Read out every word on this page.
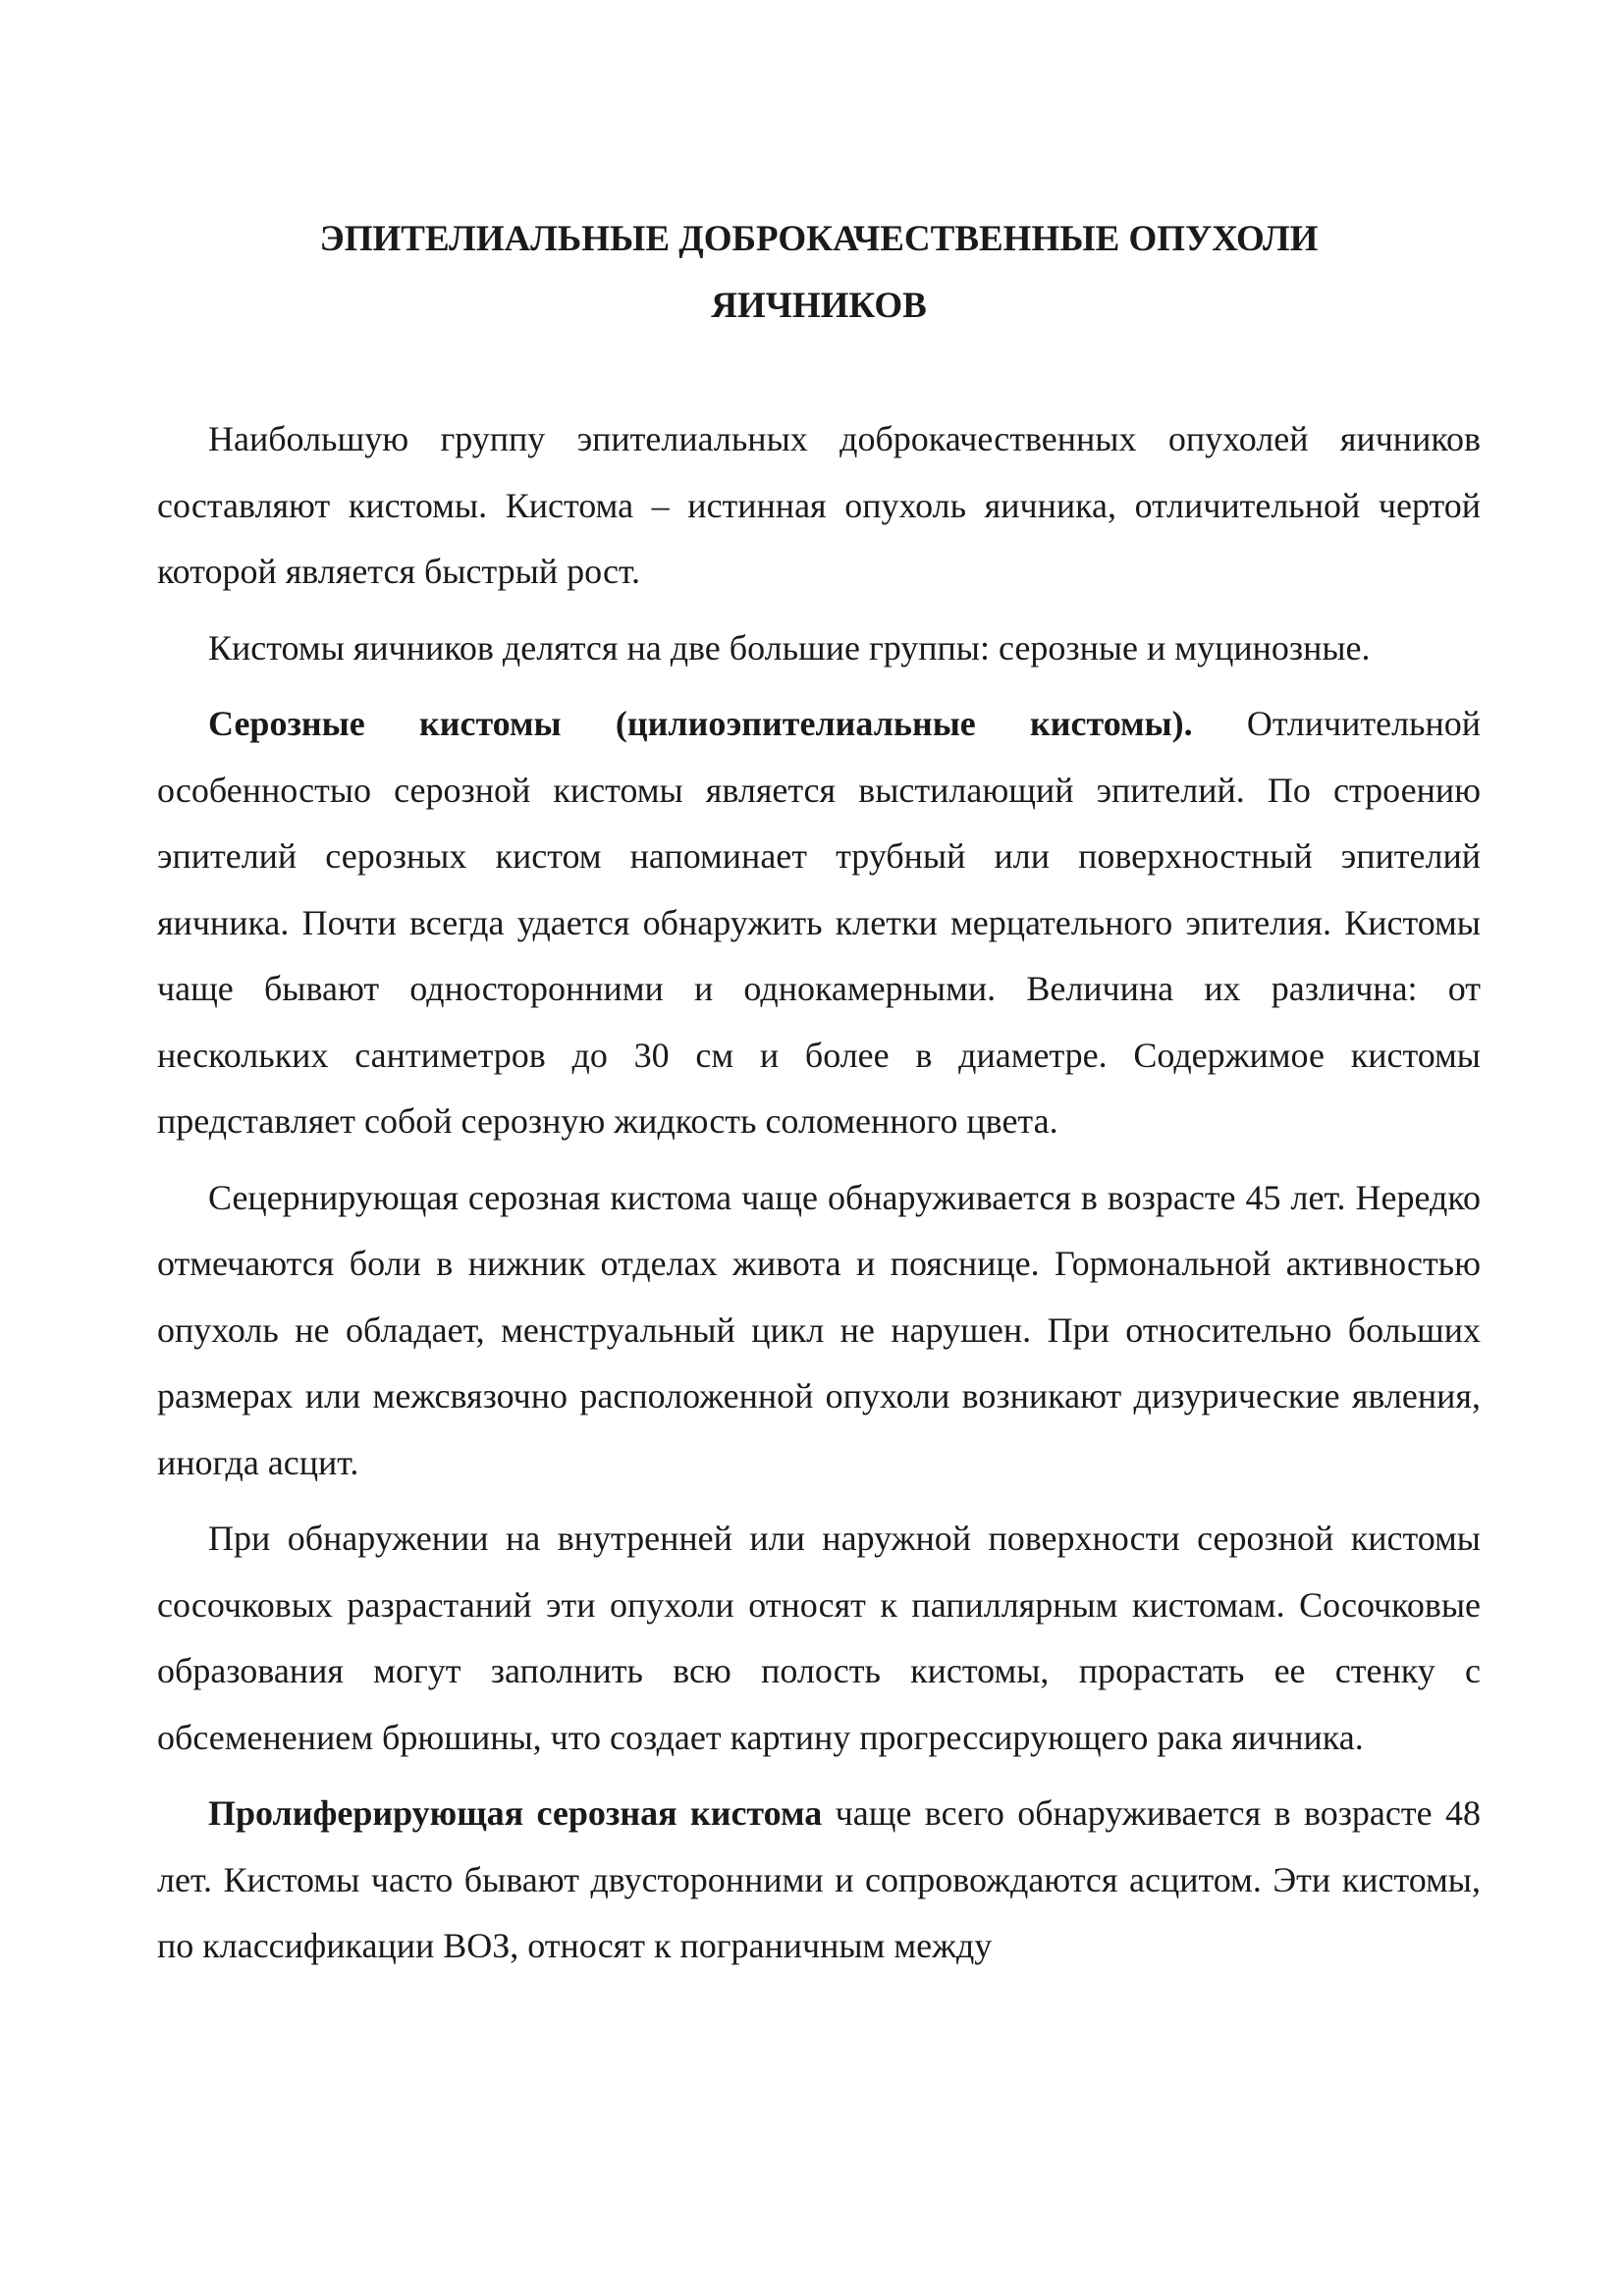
ЭПИТЕЛИАЛЬНЫЕ ДОБРОКАЧЕСТВЕННЫЕ ОПУХОЛИ
ЯИЧНИКОВ

Наибольшую группу эпителиальных доброкачественных опухолей яичников составляют кистомы. Кистома – истинная опухоль яичника, отличительной чертой которой является быстрый рост.

Кистомы яичников делятся на две большие группы: серозные и муцинозные.

Серозные кистомы (цилиоэпителиальные кистомы). Отличительной особенностыо серозной кистомы является выстилающий эпителий. По строению эпителий серозных кистом напоминает трубный или поверхностный эпителий яичника. Почти всегда удается обнаружить клетки мерцательного эпителия. Кистомы чаще бывают односторонними и однокамерными. Величина их различна: от нескольких сантиметров до 30 см и более в диаметре. Содержимое кистомы представляет собой серозную жидкость соломенного цвета.

Сецернирующая серозная кистома чаще обнаруживается в возрасте 45 лет. Нередко отмечаются боли в нижник отделах живота и пояснице. Гормональной активностью опухоль не обладает, менструальный цикл не нарушен. При относительно больших размерах или межсвязочно расположенной опухоли возникают дизурические явления, иногда асцит.

При обнаружении на внутренней или наружной поверхности серозной кистомы сосочковых разрастаний эти опухоли относят к папиллярным кистомам. Сосочковые образования могут заполнить всю полость кистомы, прорастать ее стенку с обсеменением брюшины, что создает картину прогрессирующего рака яичника.

Пролиферирующая серозная кистома чаще всего обнаруживается в возрасте 48 лет. Кистомы часто бывают двусторонними и сопровождаются асцитом. Эти кистомы, по классификации ВОЗ, относят к пограничным между
